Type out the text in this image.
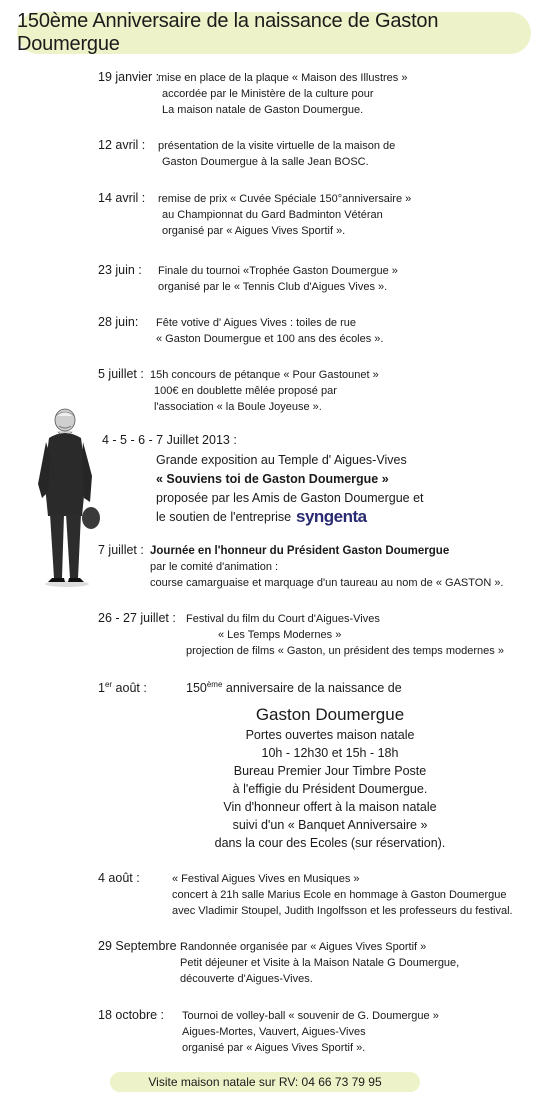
150ème Anniversaire de la naissance de Gaston Doumergue
19 janvier :
mise en place de la plaque « Maison des Illustres »
accordée par le Ministère de la culture pour
La maison natale de Gaston Doumergue.
12 avril : présentation de la visite virtuelle de la maison de
Gaston Doumergue à la salle Jean BOSC.
14 avril : remise de prix « Cuvée Spéciale 150°anniversaire »
au Championnat du Gard Badminton Vétéran
organisé par « Aigues Vives Sportif ».
23 juin : Finale du tournoi «Trophée Gaston Doumergue »
organisé par le « Tennis Club d'Aigues Vives ».
28 juin: Fête votive d' Aigues Vives : toiles de rue
« Gaston Doumergue et 100 ans des écoles ».
5 juillet : 15h concours de pétanque « Pour Gastounet »
100€ en doublette mêlée proposé par
l'association « la Boule Joyeuse ».
4 - 5 - 6 - 7 Juillet 2013 :
Grande exposition au Temple d' Aigues-Vives
« Souviens toi de Gaston Doumergue »
proposée par les Amis de Gaston Doumergue et
le soutien de l'entreprise syngenta
7 juillet : Journée en l'honneur du Président Gaston Doumergue
par le comité d'animation :
course camarguaise et marquage d'un taureau au nom de « GASTON ».
26 - 27 juillet : Festival du film du Court d'Aigues-Vives
« Les Temps Modernes »
projection de films « Gaston, un président des temps modernes »
1er août :	150ème anniversaire de la naissance de
Gaston Doumergue
Portes ouvertes maison natale
10h - 12h30 et 15h - 18h
Bureau Premier Jour Timbre Poste
à l'effigie du Président Doumergue.
Vin d'honneur offert à la maison natale
suivi d'un « Banquet Anniversaire »
dans la cour des Ecoles (sur réservation).
4 août :	« Festival Aigues Vives en Musiques »
concert à 21h salle Marius Ecole en hommage à Gaston Doumergue
avec Vladimir Stoupel, Judith Ingolfsson et les professeurs du festival.
29 Septembre :
Randonnée organisée par « Aigues Vives Sportif »
Petit déjeuner et Visite à la Maison Natale G Doumergue,
découverte d'Aigues-Vives.
18 octobre : Tournoi de volley-ball « souvenir de G. Doumergue »
Aigues-Mortes, Vauvert, Aigues-Vives
organisé par « Aigues Vives Sportif ».
Visite maison natale sur RV: 04 66 73 79 95
